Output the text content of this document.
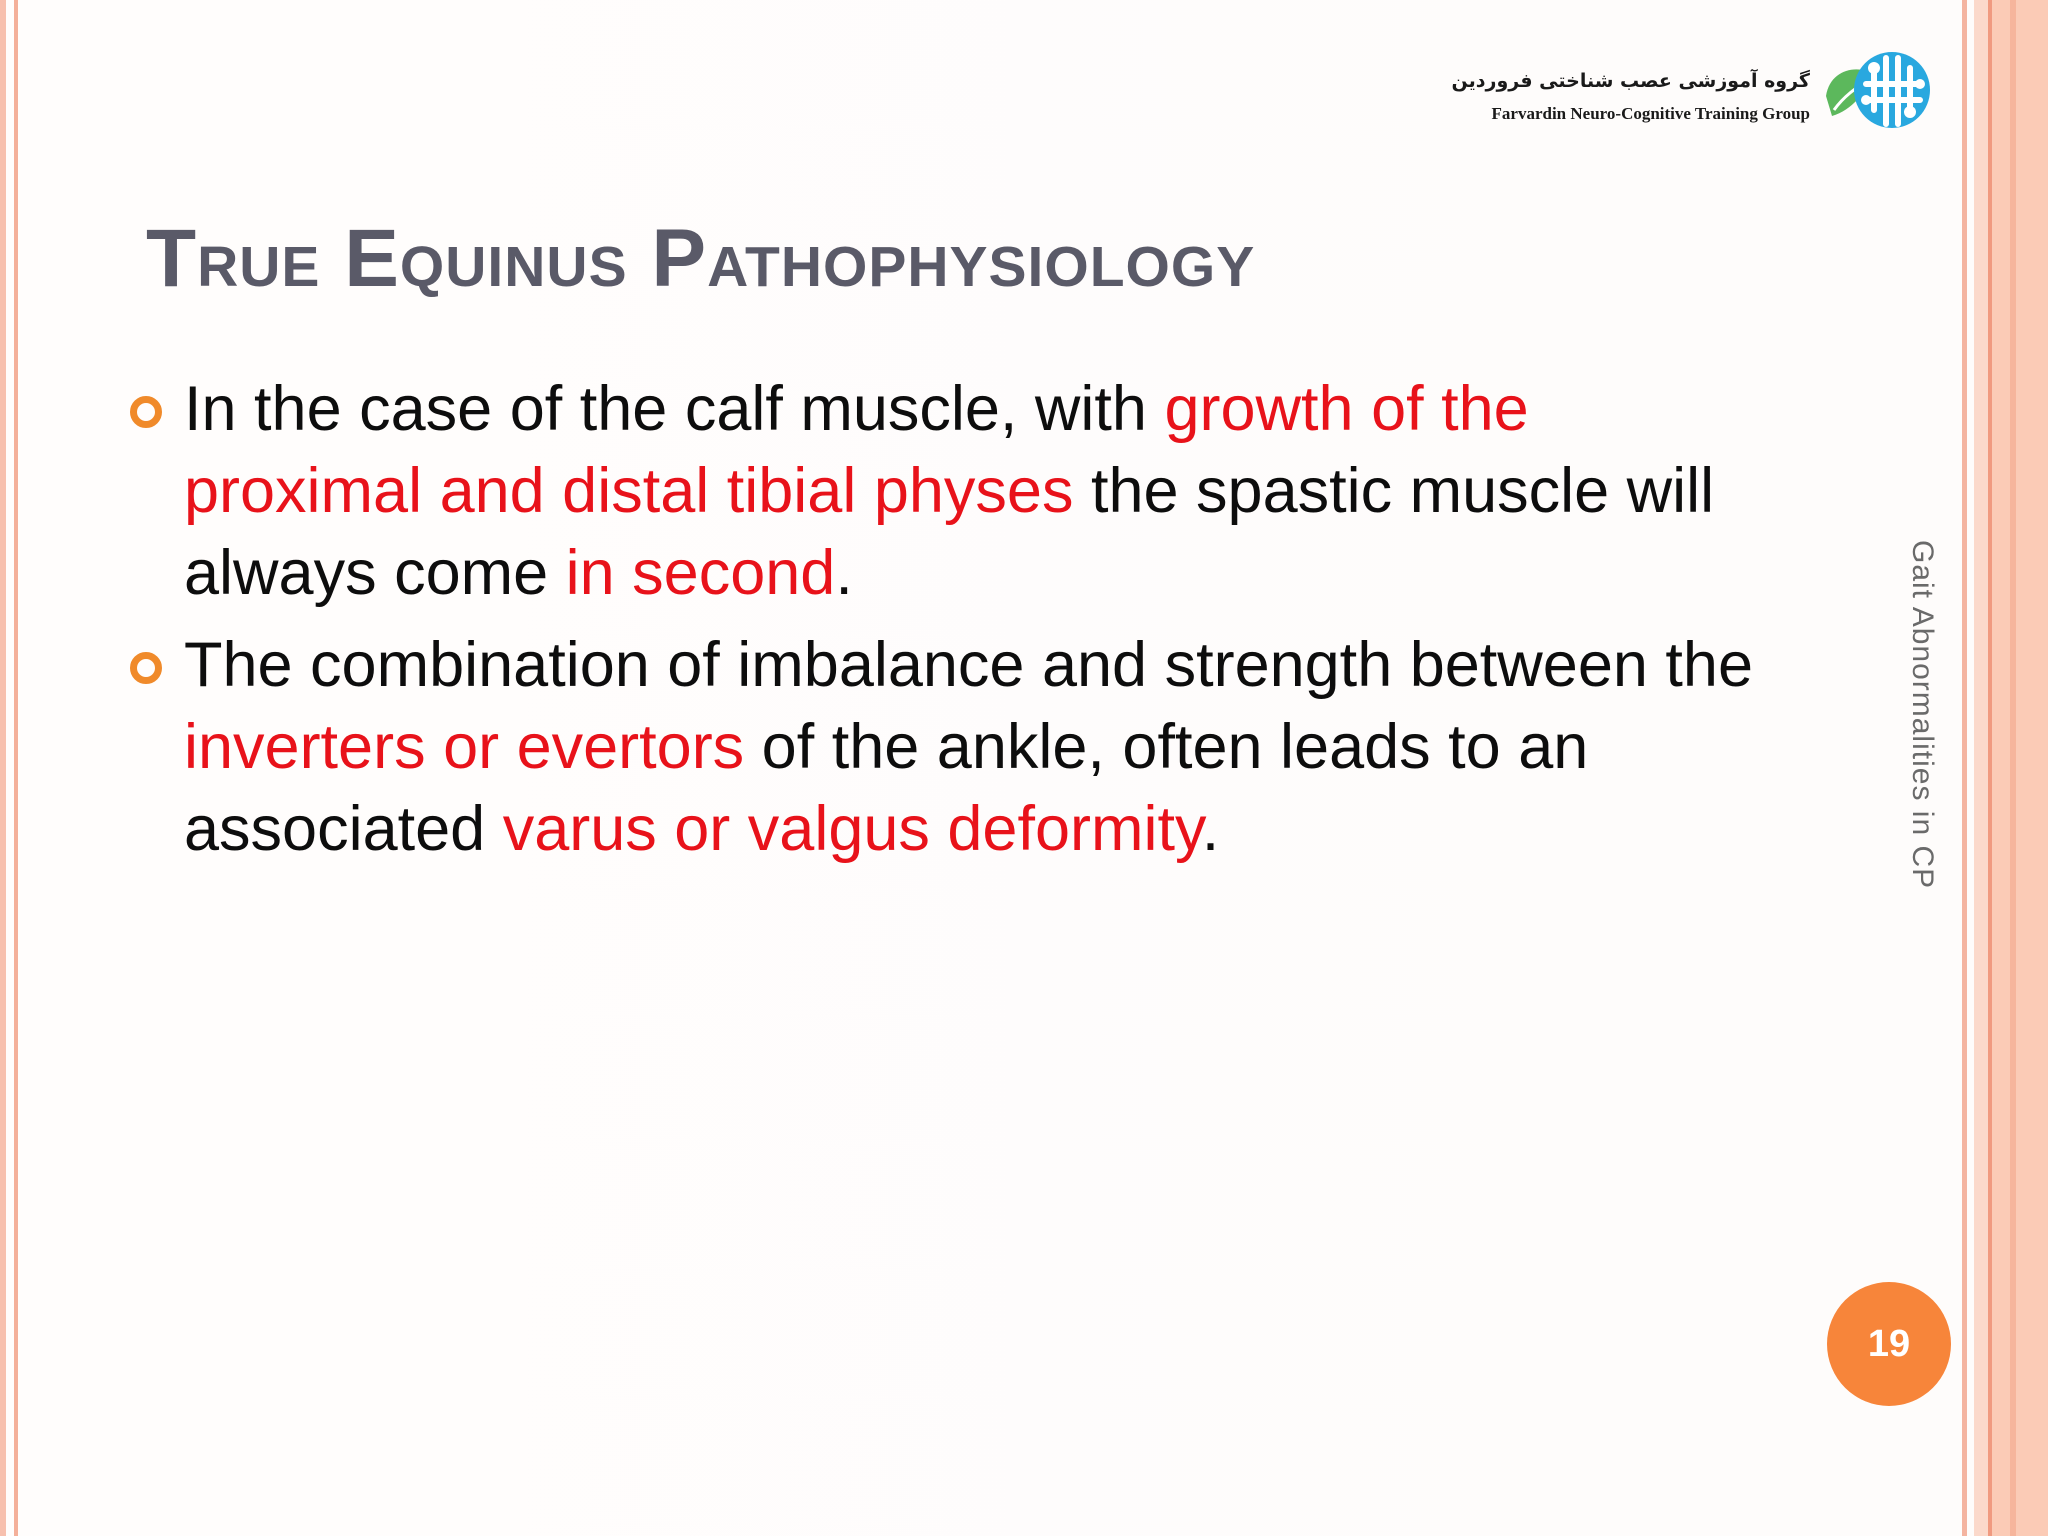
گروه آموزشی عصب شناختی فروردین
Farvardin Neuro-Cognitive Training Group
True Equinus Pathophysiology
In the case of the calf muscle, with growth of the proximal and distal tibial physes the spastic muscle will always come in second.
The combination of imbalance and strength between the inverters or evertors of the ankle, often leads to an associated varus or valgus deformity.	Gait Abnormalities in CP
19
